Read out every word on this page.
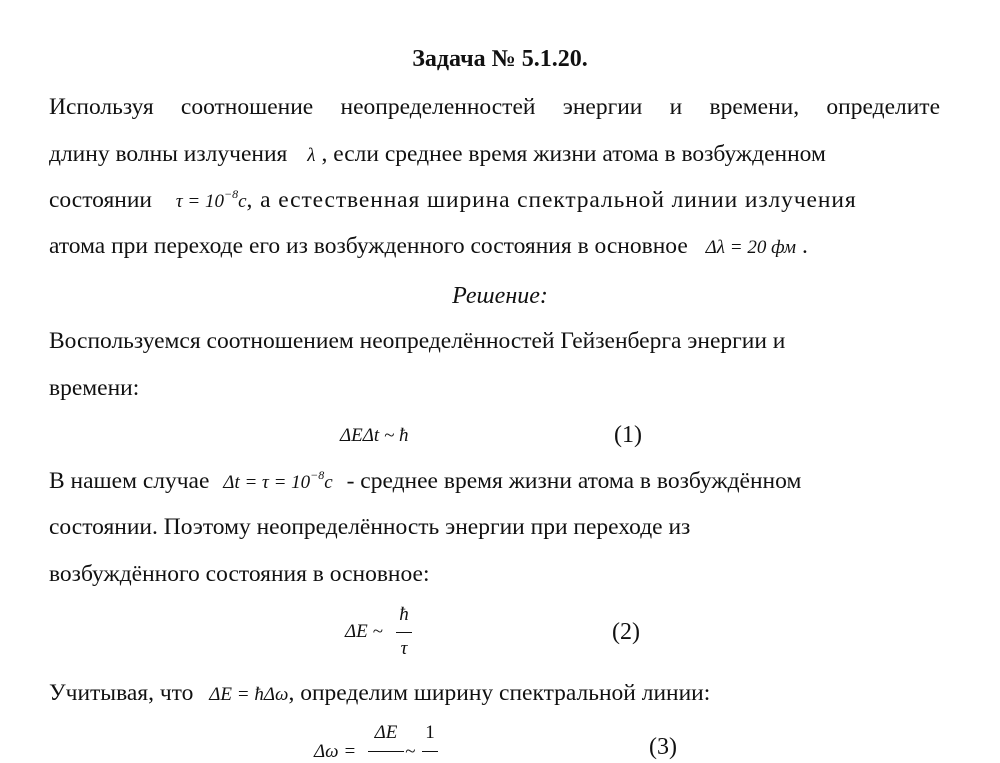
Задача № 5.1.20.
Используя соотношение неопределенностей энергии и времени, определите
длину волны излучения λ , если среднее время жизни атома в возбужденном
состоянии $\tau = 10^{-8}c$, а естественная ширина спектральной линии излучения
атома при переходе его из возбужденного состояния в основное Δλ = 20 фм .
Решение:
Воспользуемся соотношением неопределённостей Гейзенберга энергии и
времени:
ΔEΔt ~ ħ	(1)
В нашем случае $\Delta t = \tau = 10^{-8}c$ - среднее время жизни атома в возбуждённом
состоянии. Поэтому неопределённость энергии при переходе из
возбуждённого состояния в основное:
ΔE ~
ħ
τ
(2)
Учитывая, что ΔE = ħΔω, определим ширину спектральной линии:
Δω =
ΔE
~
1
(3)
